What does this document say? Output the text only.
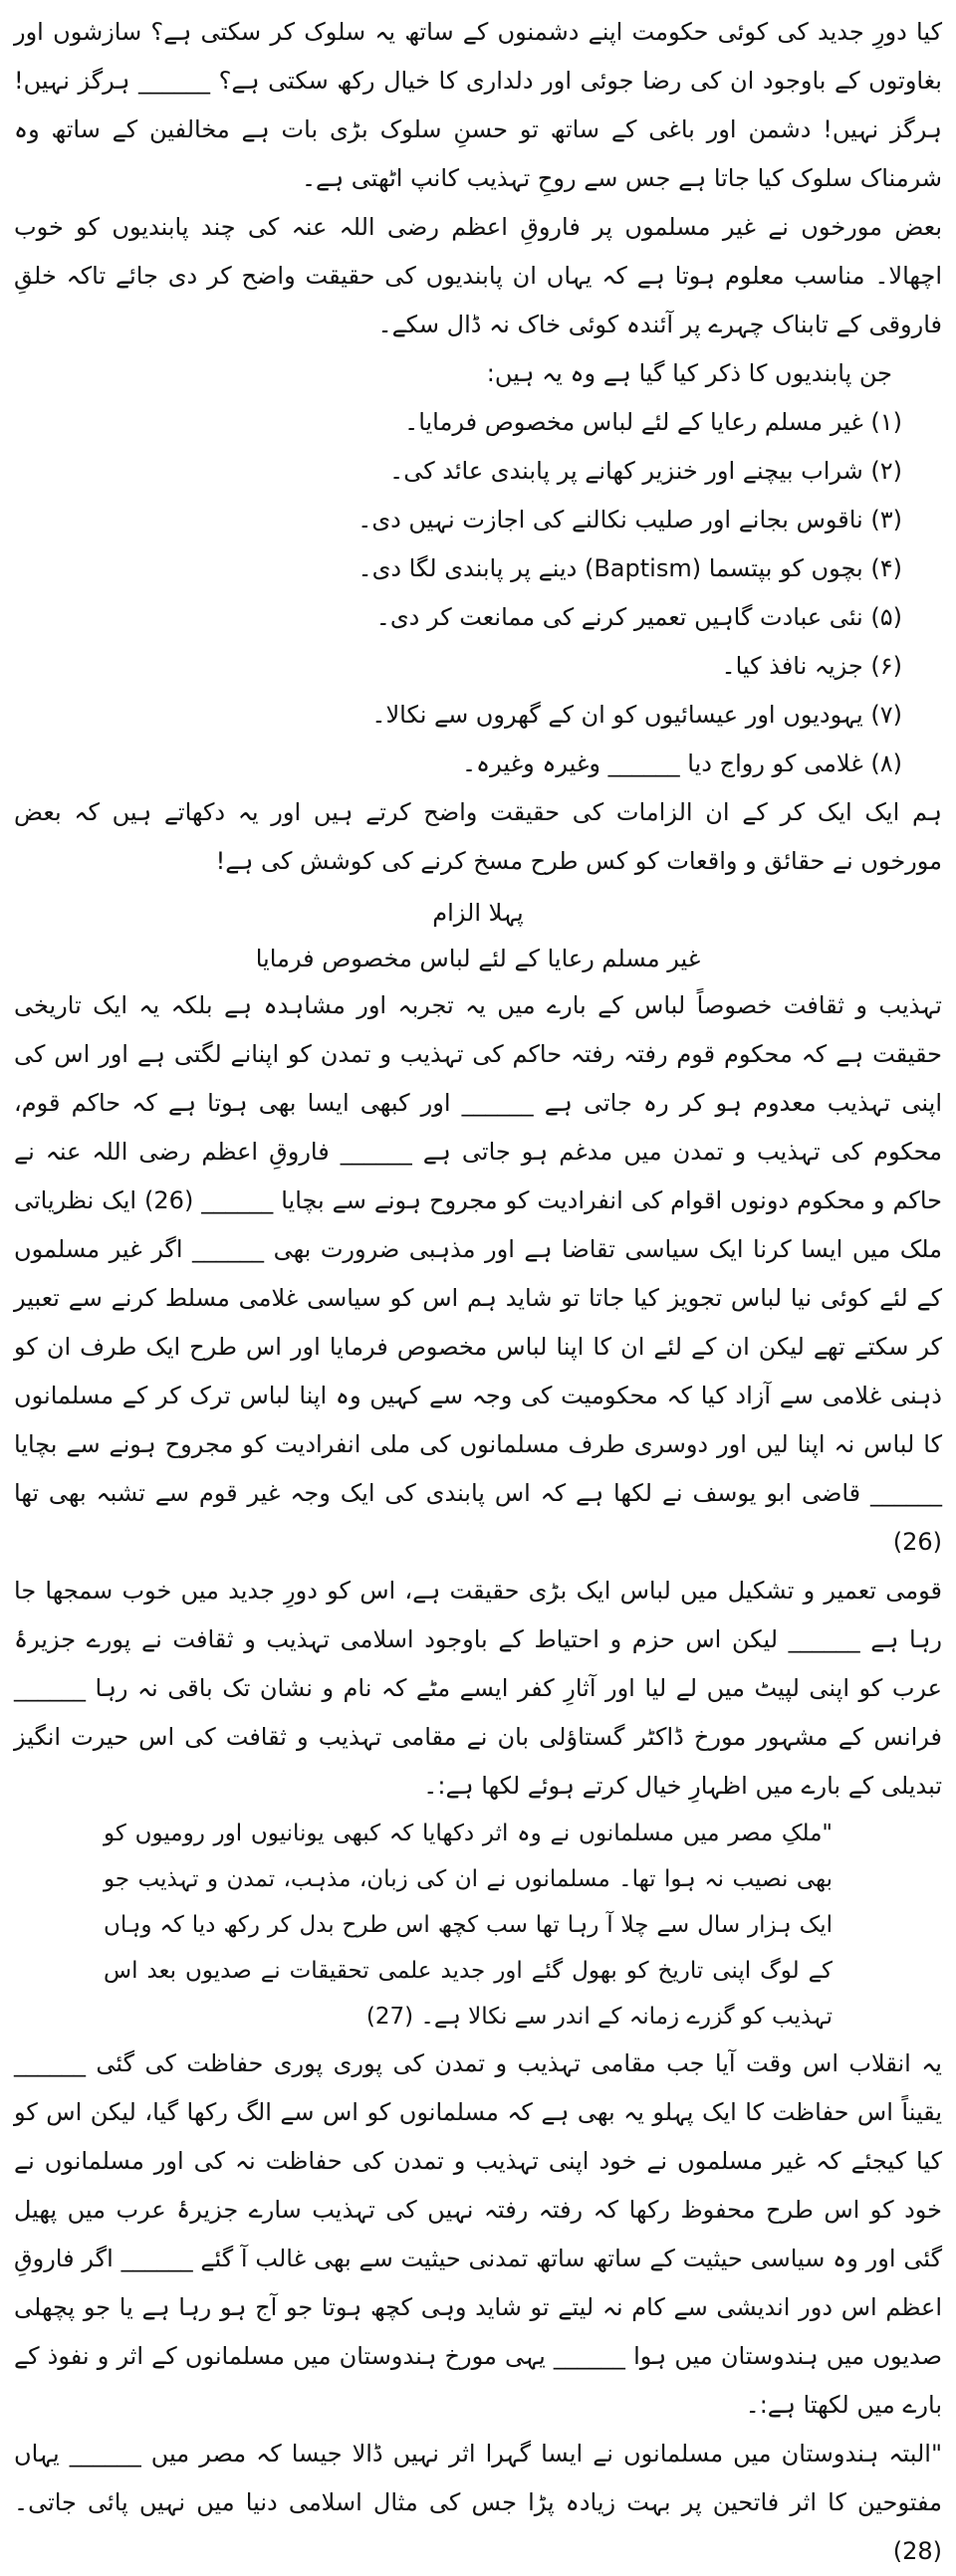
کیا دورِ جدید کی کوئی حکومت اپنے دشمنوں کے ساتھ یہ سلوک کر سکتی ہے؟ سازشوں اور بغاوتوں کے باوجود ان کی رضا جوئی اور دلداری کا خیال رکھ سکتی ہے؟ ______ ہرگز نہیں! ہرگز نہیں! دشمن اور باغی کے ساتھ تو حسنِ سلوک بڑی بات ہے مخالفین کے ساتھ وہ شرمناک سلوک کیا جاتا ہے جس سے روحِ تہذیب کانپ اٹھتی ہے۔

بعض مورخوں نے غیر مسلموں پر فاروقِ اعظم رضی اللہ عنہ کی چند پابندیوں کو خوب اچھالا۔ مناسب معلوم ہوتا ہے کہ یہاں ان پابندیوں کی حقیقت واضح کر دی جائے تاکہ خلقِ فاروقی کے تابناک چہرے پر آئندہ کوئی خاک نہ ڈال سکے۔

جن پابندیوں کا ذکر کیا گیا ہے وہ یہ ہیں:

(۱) غیر مسلم رعایا کے لئے لباس مخصوص فرمایا۔
(۲) شراب بیچنے اور خنزیر کھانے پر پابندی عائد کی۔
(۳) ناقوس بجانے اور صلیب نکالنے کی اجازت نہیں دی۔
(۴) بچوں کو بپتسما (Baptism) دینے پر پابندی لگا دی۔
(۵) نئی عبادت گاہیں تعمیر کرنے کی ممانعت کر دی۔
(۶) جزیہ نافذ کیا۔
(۷) یہودیوں اور عیسائیوں کو ان کے گھروں سے نکالا۔
(۸) غلامی کو رواج دیا ______ وغیرہ وغیرہ۔

ہم ایک ایک کر کے ان الزامات کی حقیقت واضح کرتے ہیں اور یہ دکھاتے ہیں کہ بعض مورخوں نے حقائق و واقعات کو کس طرح مسخ کرنے کی کوشش کی ہے!

پہلا الزام

غیر مسلم رعایا کے لئے لباس مخصوص فرمایا

تہذیب و ثقافت خصوصاً لباس کے بارے میں یہ تجربہ اور مشاہدہ ہے بلکہ یہ ایک تاریخی حقیقت ہے کہ محکوم قوم رفتہ رفتہ حاکم کی تہذیب و تمدن کو اپنانے لگتی ہے اور اس کی اپنی تہذیب معدوم ہو کر رہ جاتی ہے ______ اور کبھی ایسا بھی ہوتا ہے کہ حاکم قوم، محکوم کی تہذیب و تمدن میں مدغم ہو جاتی ہے ______ فاروقِ اعظم رضی اللہ عنہ نے حاکم و محکوم دونوں اقوام کی انفرادیت کو مجروح ہونے سے بچایا ______ (26) ایک نظریاتی ملک میں ایسا کرنا ایک سیاسی تقاضا ہے اور مذہبی ضرورت بھی ______ اگر غیر مسلموں کے لئے کوئی نیا لباس تجویز کیا جاتا تو شاید ہم اس کو سیاسی غلامی مسلط کرنے سے تعبیر کر سکتے تھے لیکن ان کے لئے ان کا اپنا لباس مخصوص فرمایا اور اس طرح ایک طرف ان کو ذہنی غلامی سے آزاد کیا کہ محکومیت کی وجہ سے کہیں وہ اپنا لباس ترک کر کے مسلمانوں کا لباس نہ اپنا لیں اور دوسری طرف مسلمانوں کی ملی انفرادیت کو مجروح ہونے سے بچایا ______ قاضی ابو یوسف نے لکھا ہے کہ اس پابندی کی ایک وجہ غیر قوم سے تشبہ بھی تھا (26)

قومی تعمیر و تشکیل میں لباس ایک بڑی حقیقت ہے، اس کو دورِ جدید میں خوب سمجھا جا رہا ہے ______ لیکن اس حزم و احتیاط کے باوجود اسلامی تہذیب و ثقافت نے پورے جزیرۂ عرب کو اپنی لپیٹ میں لے لیا اور آثارِ کفر ایسے مٹے کہ نام و نشان تک باقی نہ رہا ______ فرانس کے مشہور مورخ ڈاکٹر گستاؤلی بان نے مقامی تہذیب و ثقافت کی اس حیرت انگیز تبدیلی کے بارے میں اظہارِ خیال کرتے ہوئے لکھا ہے:۔

"ملکِ مصر میں مسلمانوں نے وہ اثر دکھایا کہ کبھی یونانیوں اور رومیوں کو بھی نصیب نہ ہوا تھا۔ مسلمانوں نے ان کی زبان، مذہب، تمدن و تہذیب جو ایک ہزار سال سے چلا آ رہا تھا سب کچھ اس طرح بدل کر رکھ دیا کہ وہاں کے لوگ اپنی تاریخ کو بھول گئے اور جدید علمی تحقیقات نے صدیوں بعد اس تہذیب کو گزرے زمانہ کے اندر سے نکالا ہے۔ (27)

یہ انقلاب اس وقت آیا جب مقامی تہذیب و تمدن کی پوری پوری حفاظت کی گئی ______ یقیناً اس حفاظت کا ایک پہلو یہ بھی ہے کہ مسلمانوں کو اس سے الگ رکھا گیا، لیکن اس کو کیا کیجئے کہ غیر مسلموں نے خود اپنی تہذیب و تمدن کی حفاظت نہ کی اور مسلمانوں نے خود کو اس طرح محفوظ رکھا کہ رفتہ رفتہ نہیں کی تہذیب سارے جزیرۂ عرب میں پھیل گئی اور وہ سیاسی حیثیت کے ساتھ ساتھ تمدنی حیثیت سے بھی غالب آ گئے ______ اگر فاروقِ اعظم اس دور اندیشی سے کام نہ لیتے تو شاید وہی کچھ ہوتا جو آج ہو رہا ہے یا جو پچھلی صدیوں میں ہندوستان میں ہوا ______ یہی مورخ ہندوستان میں مسلمانوں کے اثر و نفوذ کے بارے میں لکھتا ہے:۔

"البتہ ہندوستان میں مسلمانوں نے ایسا گہرا اثر نہیں ڈالا جیسا کہ مصر میں ______ یہاں مفتوحین کا اثر فاتحین پر بہت زیادہ پڑا جس کی مثال اسلامی دنیا میں نہیں پائی جاتی۔ (28)
